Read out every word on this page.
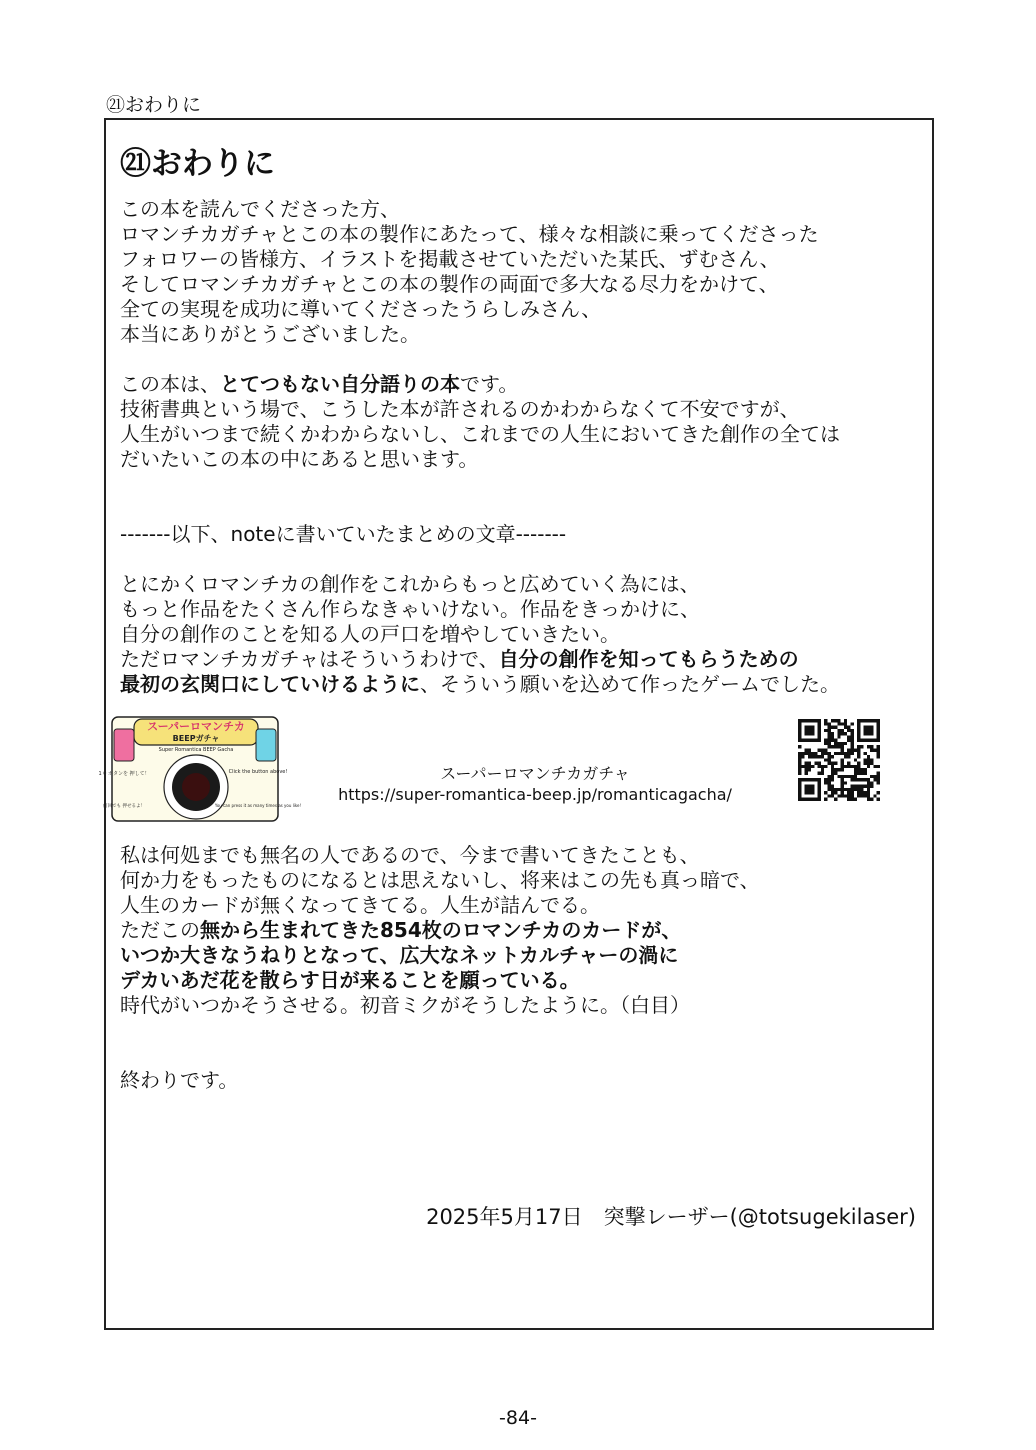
㉑おわりに
㉑おわりに

この本を読んでくださった方、
ロマンチカガチャとこの本の製作にあたって、様々な相談に乗ってくださった
フォロワーの皆様方、イラストを掲載させていただいた某氏、ずむさん、
そしてロマンチカガチャとこの本の製作の両面で多大なる尽力をかけて、
全ての実現を成功に導いてくださったうらしみさん、
本当にありがとうございました。

この本は、とてつもない自分語りの本です。
技術書典という場で、こうした本が許されるのかわからなくて不安ですが、
人生がいつまで続くかわからないし、これまでの人生においてきた創作の全ては
だいたいこの本の中にあると思います。

-------以下、noteに書いていたまとめの文章-------

とにかくロマンチカの創作をこれからもっと広めていく為には、
もっと作品をたくさん作らなきゃいけない。作品をきっかけに、
自分の創作のことを知る人の戸口を増やしていきたい。
ただロマンチカガチャはそういうわけで、自分の創作を知ってもらうための
最初の玄関口にしていけるように、そういう願いを込めて作ったゲームでした。

スーパーロマンチカ
BEEPガチャ
Super Romantica BEEP Gacha
1 0 ボタンを 押して！
何回でも 押せるよ！
Click the button above!
You can press it as many times as you like!
スーパーロマンチカガチャ
https://super-romantica-beep.jp/romanticagacha/

私は何処までも無名の人であるので、今まで書いてきたことも、
何か力をもったものになるとは思えないし、将来はこの先も真っ暗で、
人生のカードが無くなってきてる。人生が詰んでる。
ただこの無から生まれてきた854枚のロマンチカのカードが、
いつか大きなうねりとなって、広大なネットカルチャーの渦に
デカいあだ花を散らす日が来ることを願っている。
時代がいつかそうさせる。初音ミクがそうしたように。（白目）

終わりです。

2025年5月17日　突撃レーザー(@totsugekilaser)
-84-
